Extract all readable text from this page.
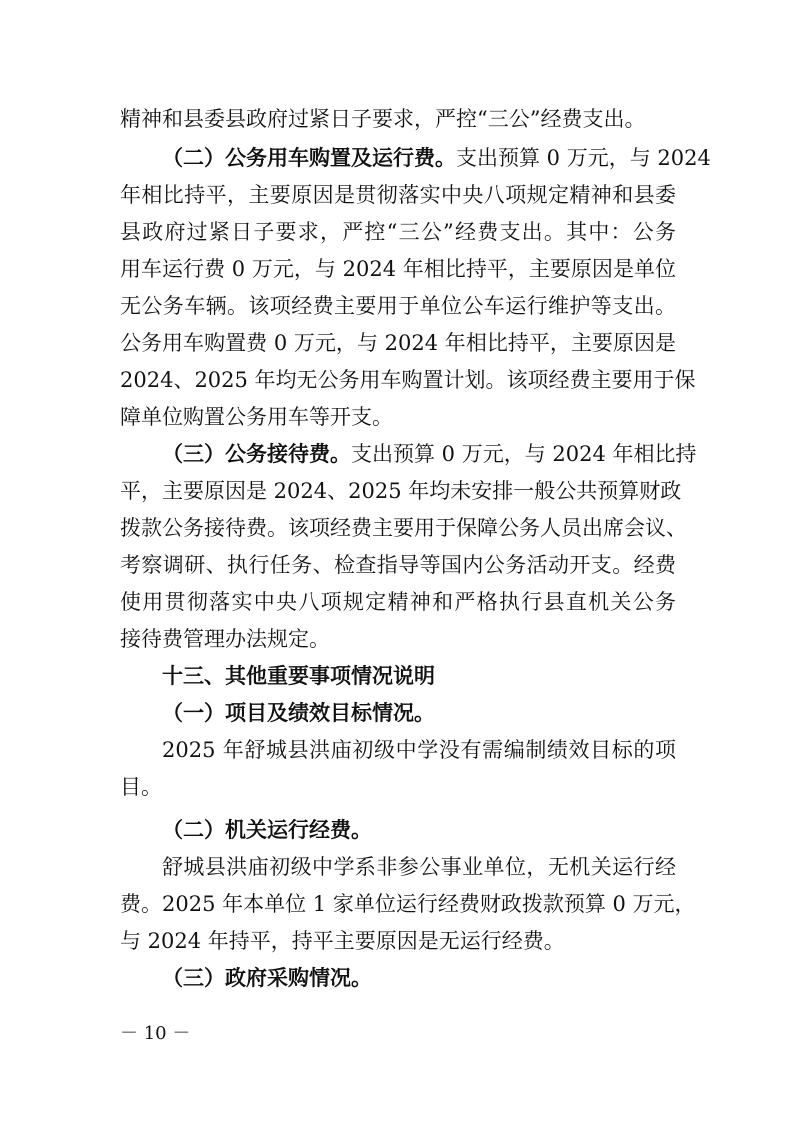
精神和县委县政府过紧日子要求，严控“三公”经费支出。
（二）公务用车购置及运行费。支出预算 0 万元，与 2024
年相比持平，主要原因是贯彻落实中央八项规定精神和县委
县政府过紧日子要求，严控“三公”经费支出。其中：公务
用车运行费 0 万元，与 2024 年相比持平，主要原因是单位
无公务车辆。该项经费主要用于单位公车运行维护等支出。
公务用车购置费 0 万元，与 2024 年相比持平，主要原因是
2024、2025 年均无公务用车购置计划。该项经费主要用于保
障单位购置公务用车等开支。
（三）公务接待费。支出预算 0 万元，与 2024 年相比持
平，主要原因是 2024、2025 年均未安排一般公共预算财政
拨款公务接待费。该项经费主要用于保障公务人员出席会议、
考察调研、执行任务、检查指导等国内公务活动开支。经费
使用贯彻落实中央八项规定精神和严格执行县直机关公务
接待费管理办法规定。
十三、其他重要事项情况说明
（一）项目及绩效目标情况。
2025 年舒城县洪庙初级中学没有需编制绩效目标的项
目。
（二）机关运行经费。
舒城县洪庙初级中学系非参公事业单位，无机关运行经
费。2025 年本单位 1 家单位运行经费财政拨款预算 0 万元，
与 2024 年持平，持平主要原因是无运行经费。
（三）政府采购情况。
－ 10 －
